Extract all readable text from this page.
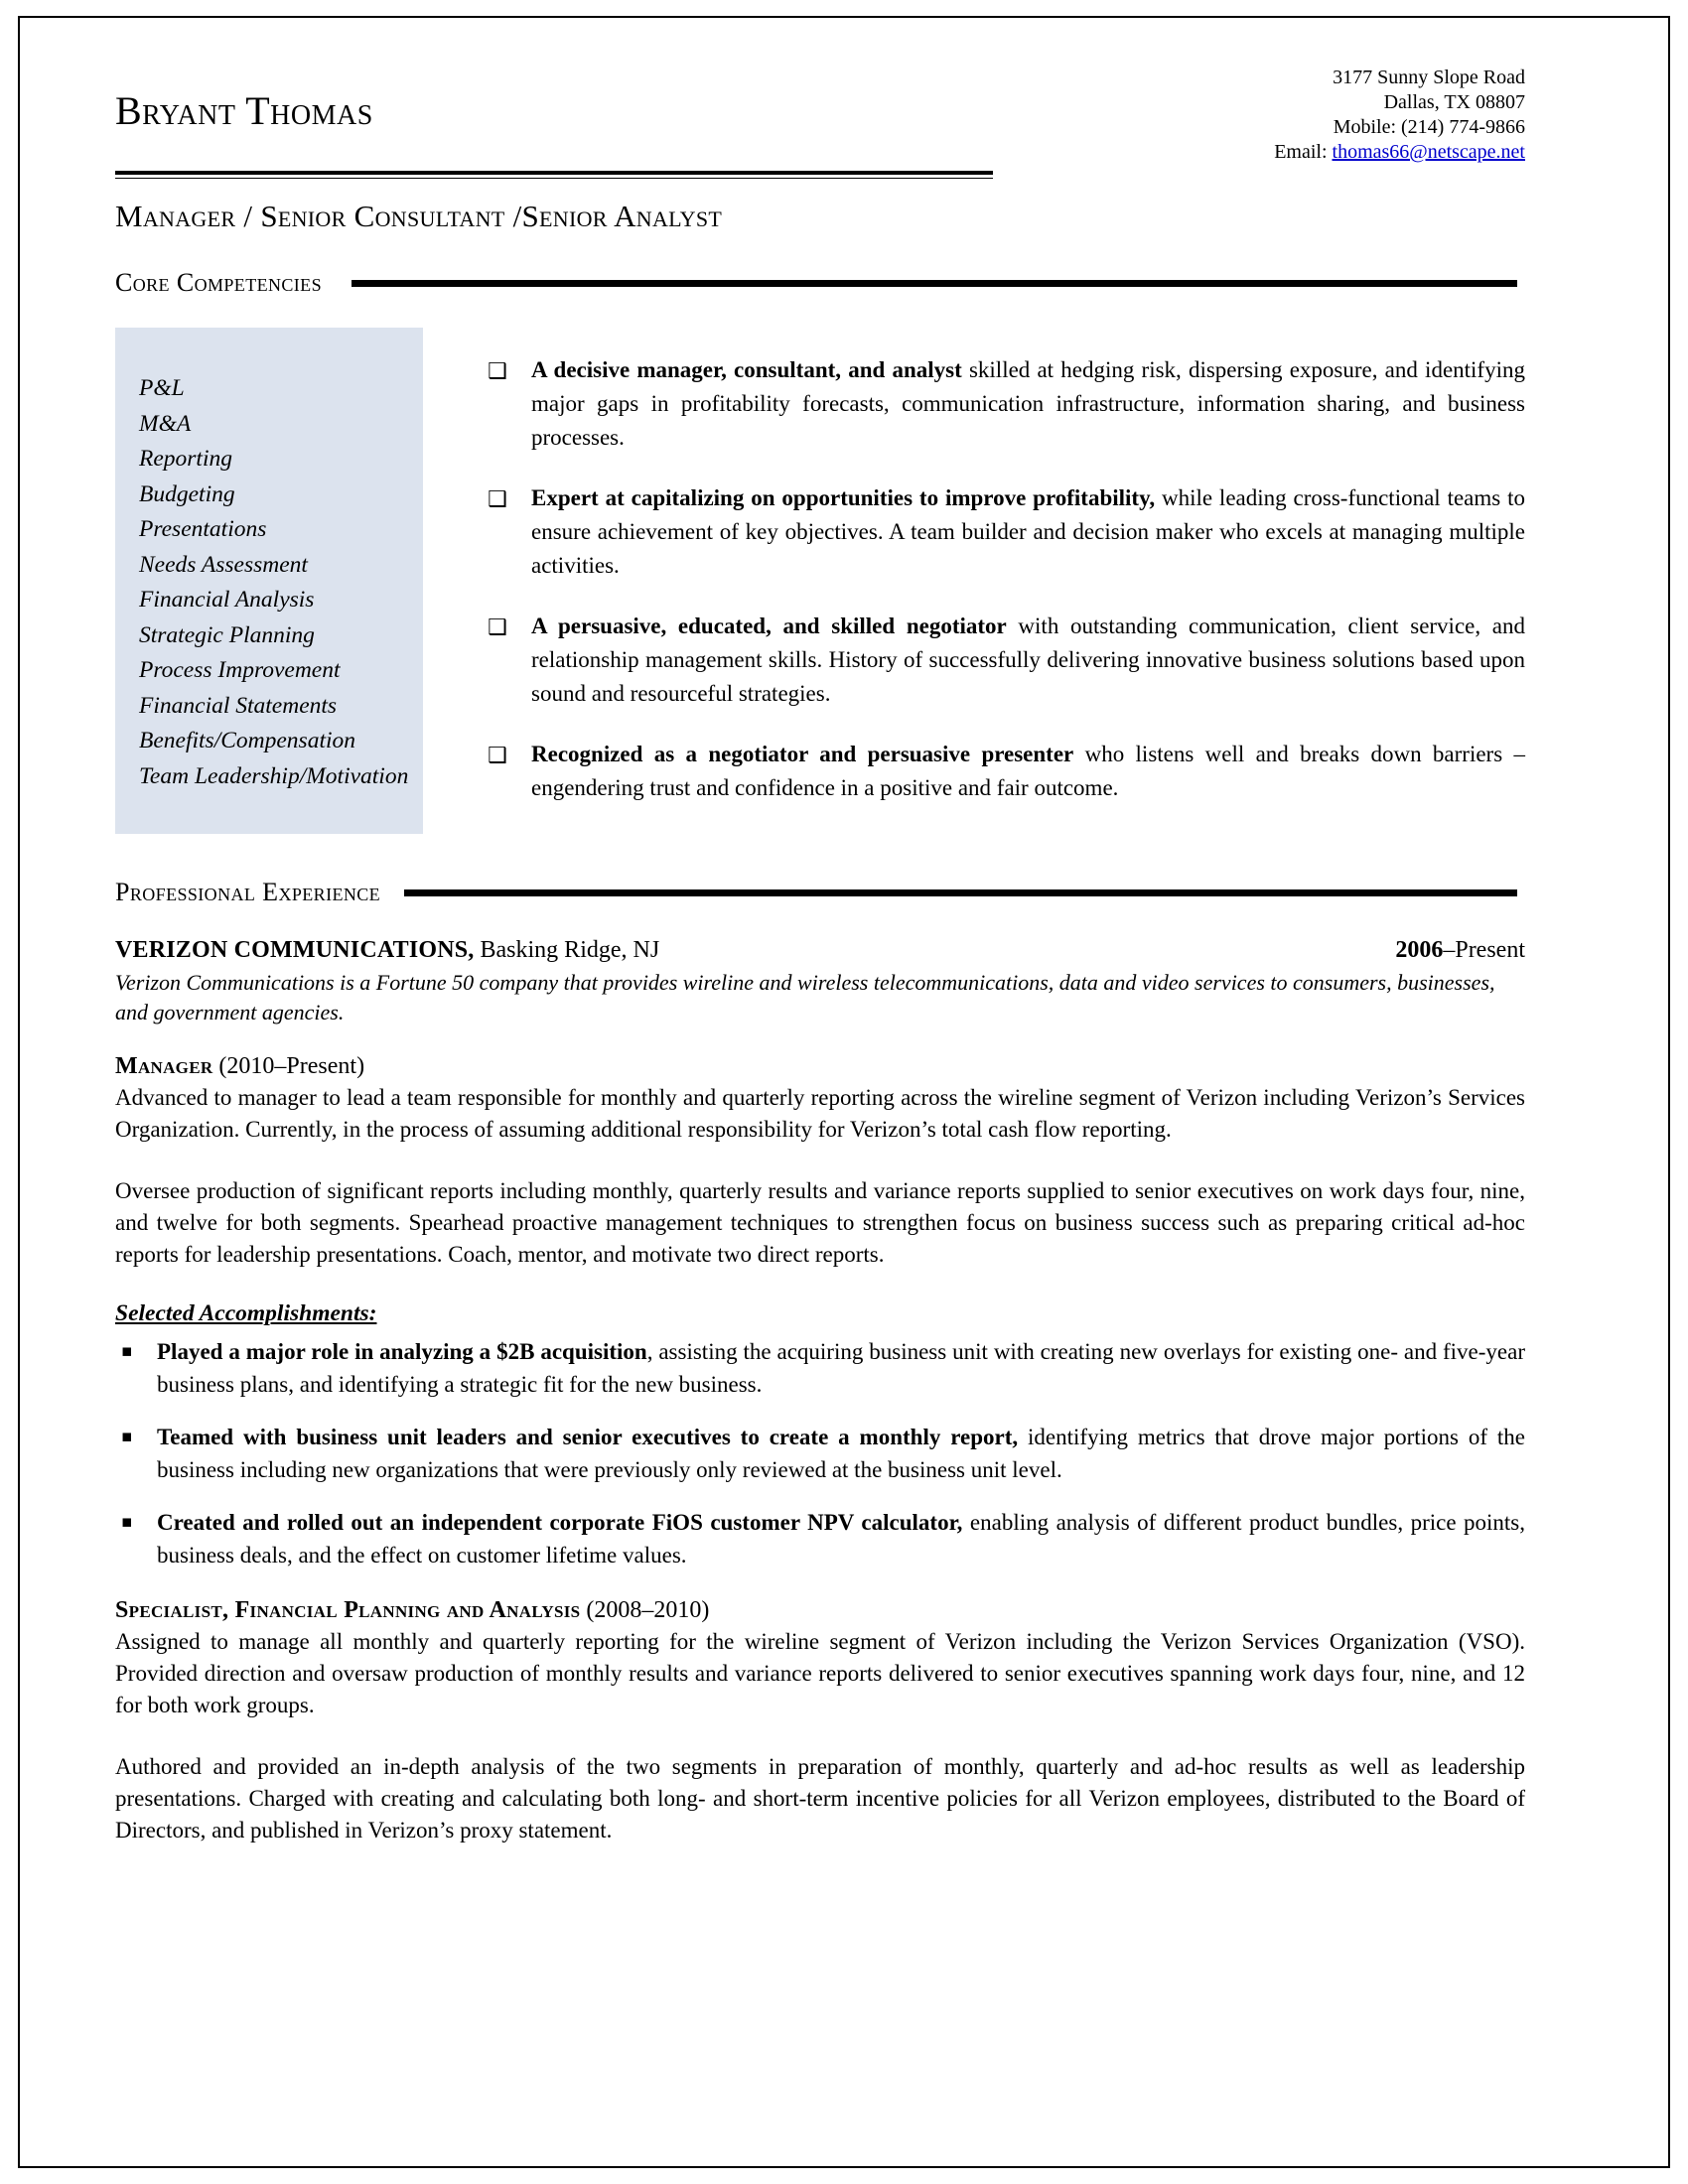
Bryant Thomas
3177 Sunny Slope Road
Dallas, TX 08807
Mobile: (214) 774-9866
Email: thomas66@netscape.net
Manager / Senior Consultant /Senior Analyst
Core Competencies
P&L
M&A
Reporting
Budgeting
Presentations
Needs Assessment
Financial Analysis
Strategic Planning
Process Improvement
Financial Statements
Benefits/Compensation
Team Leadership/Motivation
❑	A decisive manager, consultant, and analyst skilled at hedging risk, dispersing exposure, and identifying major gaps in profitability forecasts, communication infrastructure, information sharing, and business processes.
❑	Expert at capitalizing on opportunities to improve profitability, while leading cross-functional teams to ensure achievement of key objectives. A team builder and decision maker who excels at managing multiple activities.
❑	A persuasive, educated, and skilled negotiator with outstanding communication, client service, and relationship management skills. History of successfully delivering innovative business solutions based upon sound and resourceful strategies.
❑	Recognized as a negotiator and persuasive presenter who listens well and breaks down barriers – engendering trust and confidence in a positive and fair outcome.
Professional Experience
VERIZON COMMUNICATIONS, Basking Ridge, NJ	2006–Present
Verizon Communications is a Fortune 50 company that provides wireline and wireless telecommunications, data and video services to consumers, businesses, and government agencies.
Manager (2010–Present)
Advanced to manager to lead a team responsible for monthly and quarterly reporting across the wireline segment of Verizon including Verizon’s Services Organization. Currently, in the process of assuming additional responsibility for Verizon’s total cash flow reporting.
Oversee production of significant reports including monthly, quarterly results and variance reports supplied to senior executives on work days four, nine, and twelve for both segments. Spearhead proactive management techniques to strengthen focus on business success such as preparing critical ad-hoc reports for leadership presentations. Coach, mentor, and motivate two direct reports.
Selected Accomplishments:
▪	Played a major role in analyzing a $2B acquisition, assisting the acquiring business unit with creating new overlays for existing one- and five-year business plans, and identifying a strategic fit for the new business.
▪	Teamed with business unit leaders and senior executives to create a monthly report, identifying metrics that drove major portions of the business including new organizations that were previously only reviewed at the business unit level.
▪	Created and rolled out an independent corporate FiOS customer NPV calculator, enabling analysis of different product bundles, price points, business deals, and the effect on customer lifetime values.
Specialist, Financial Planning and Analysis (2008–2010)
Assigned to manage all monthly and quarterly reporting for the wireline segment of Verizon including the Verizon Services Organization (VSO). Provided direction and oversaw production of monthly results and variance reports delivered to senior executives spanning work days four, nine, and 12 for both work groups.
Authored and provided an in-depth analysis of the two segments in preparation of monthly, quarterly and ad-hoc results as well as leadership presentations. Charged with creating and calculating both long- and short-term incentive policies for all Verizon employees, distributed to the Board of Directors, and published in Verizon’s proxy statement.
